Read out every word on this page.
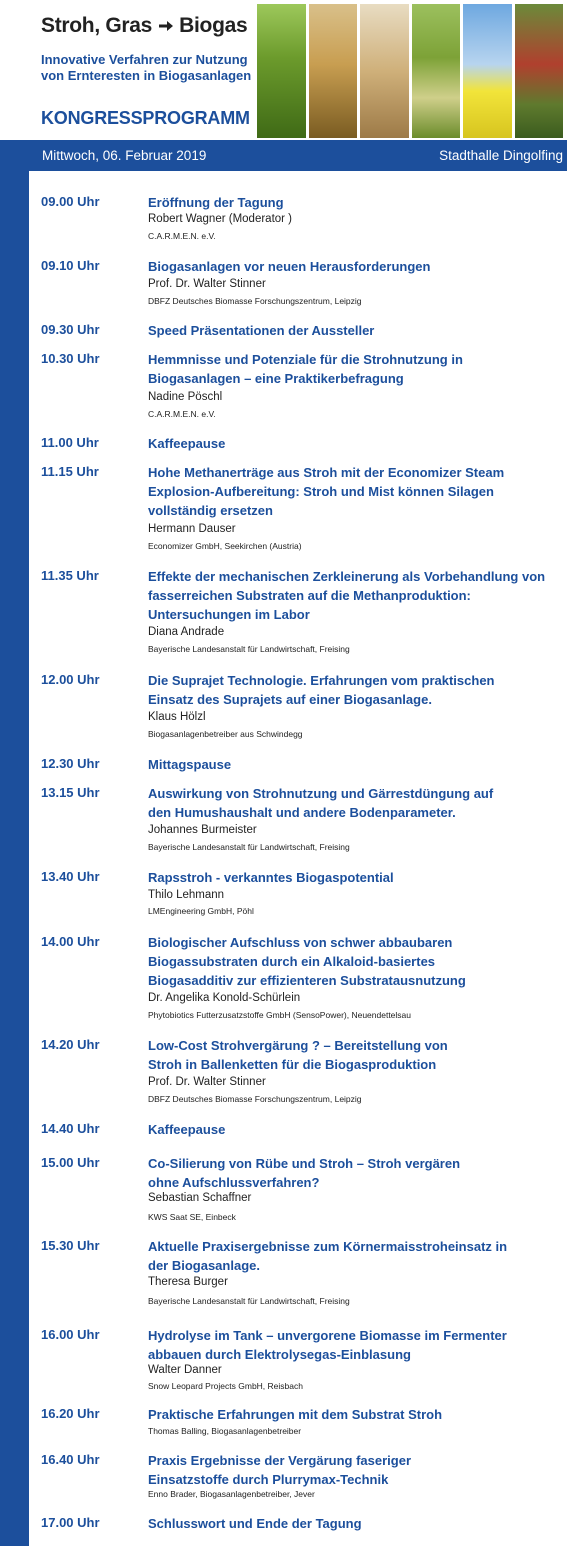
Stroh, Gras Biogas
Innovative Verfahren zur Nutzung
von Ernteresten in Biogasanlagen
KONGRESSPROGRAMM
Mittwoch, 06. Februar 2019	Stadthalle Dingolfing
09.00 Uhr	Eröffnung der Tagung
Robert Wagner (Moderator )
C.A.R.M.E.N. e.V.
09.10 Uhr	Biogasanlagen vor neuen Herausforderungen
Prof. Dr. Walter Stinner
DBFZ Deutsches Biomasse Forschungszentrum, Leipzig
09.30 Uhr	Speed Präsentationen der Aussteller
10.30 Uhr	Hemmnisse und Potenziale für die Strohnutzung in Biogasanlagen – eine Praktikerbefragung
Nadine Pöschl
C.A.R.M.E.N. e.V.
11.00 Uhr	Kaffeepause
11.15 Uhr	Hohe Methanerträge aus Stroh mit der Economizer Steam Explosion-Aufbereitung: Stroh und Mist können Silagen vollständig ersetzen
Hermann Dauser
Economizer GmbH, Seekirchen (Austria)
11.35 Uhr	Effekte der mechanischen Zerkleinerung als Vorbehandlung von fasserreichen Substraten auf die Methanproduktion: Untersuchungen im Labor
Diana Andrade
Bayerische Landesanstalt für Landwirtschaft, Freising
12.00 Uhr	Die Suprajet Technologie. Erfahrungen vom praktischen Einsatz des Suprajets auf einer Biogasanlage.
Klaus Hölzl
Biogasanlagenbetreiber aus Schwindegg
12.30 Uhr	Mittagspause
13.15 Uhr	Auswirkung von Strohnutzung und Gärrestdüngung auf den Humushaushalt und andere Bodenparameter.
Johannes Burmeister
Bayerische Landesanstalt für Landwirtschaft, Freising
13.40 Uhr	Rapsstroh - verkanntes Biogaspotential
Thilo Lehmann
LMEngineering GmbH, Pöhl
14.00 Uhr	Biologischer Aufschluss von schwer abbaubaren Biogassubstraten durch ein Alkaloid-basiertes Biogasadditiv zur effizienteren Substratausnutzung
Dr. Angelika Konold-Schürlein
Phytobiotics Futterzusatzstoffe GmbH (SensoPower), Neuendettelsau
14.20 Uhr	Low-Cost Strohvergärung ? – Bereitstellung von Stroh in Ballenketten für die Biogasproduktion
Prof. Dr. Walter Stinner
DBFZ Deutsches Biomasse Forschungszentrum, Leipzig
14.40 Uhr	Kaffeepause
15.00 Uhr	Co-Silierung von Rübe und Stroh – Stroh vergären ohne Aufschlussverfahren?
Sebastian Schaffner
KWS Saat SE, Einbeck
15.30 Uhr	Aktuelle Praxisergebnisse zum Körnermaisstroheinsatz in der Biogasanlage.
Theresa Burger
Bayerische Landesanstalt für Landwirtschaft, Freising
16.00 Uhr	Hydrolyse im Tank – unvergorene Biomasse im Fermenter abbauen durch Elektrolysegas-Einblasung
Walter Danner
Snow Leopard Projects GmbH, Reisbach
16.20 Uhr	Praktische Erfahrungen mit dem Substrat Stroh
Thomas Balling, Biogasanlagenbetreiber
16.40 Uhr	Praxis Ergebnisse der Vergärung faseriger Einsatzstoffe durch Plurrymax-Technik
Enno Brader, Biogasanlagenbetreiber, Jever
17.00 Uhr	Schlusswort und Ende der Tagung
